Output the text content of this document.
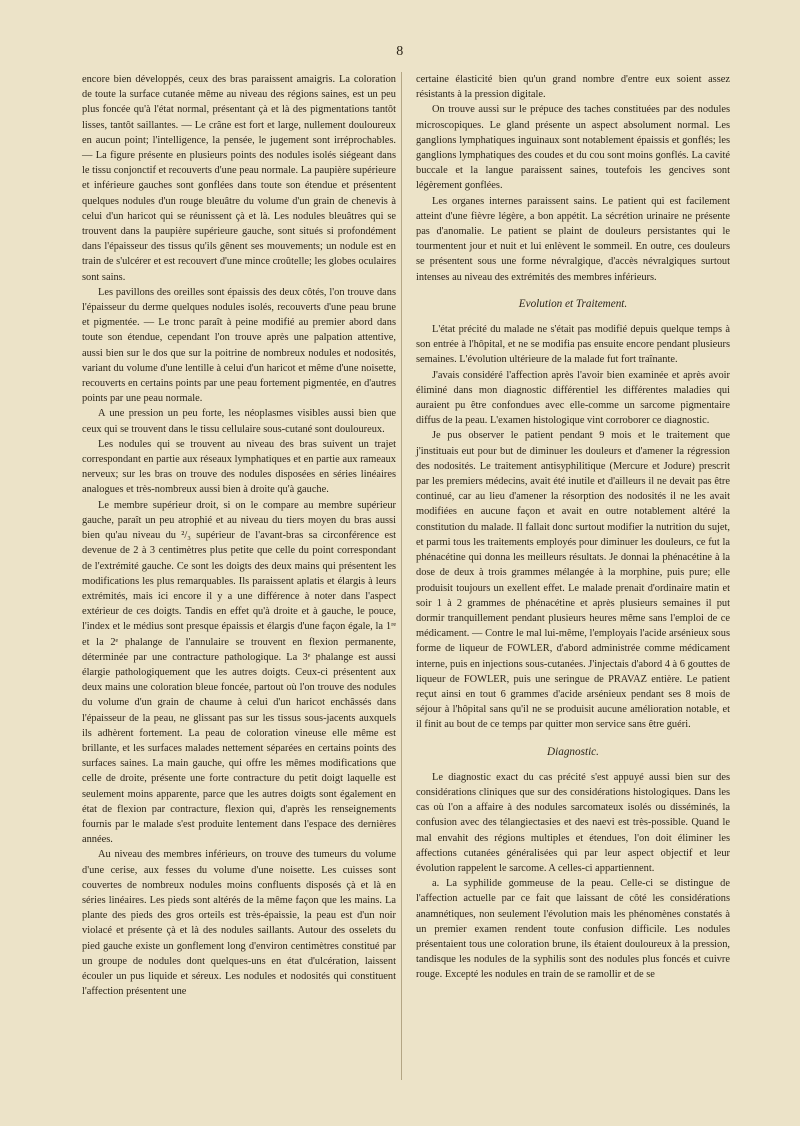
8

encore bien développés, ceux des bras paraissent amaigris. La coloration de toute la surface cutanée même au niveau des régions saines, est un peu plus foncée qu'à l'état normal, présentant çà et là des pigmentations tantôt lisses, tantôt saillantes. — Le crâne est fort et large, nullement douloureux en aucun point; l'intelligence, la pensée, le jugement sont irréprochables. — La figure présente en plusieurs points des nodules isolés siégeant dans le tissu conjonctif et recouverts d'une peau normale. La paupière supérieure et inférieure gauches sont gonflées dans toute son étendue et présentent quelques nodules d'un rouge bleuâtre du volume d'un grain de chenevis à celui d'un haricot qui se réunissent çà et là. Les nodules bleuâtres qui se trouvent dans la paupière supérieure gauche, sont situés si profondément dans l'épaisseur des tissus qu'ils gênent ses mouvements; un nodule est en train de s'ulcérer et est recouvert d'une mince croûtelle; les globes oculaires sont sains.

Les pavillons des oreilles sont épaissis des deux côtés, l'on trouve dans l'épaisseur du derme quelques nodules isolés, recouverts d'une peau brune et pigmentée. — Le tronc paraît à peine modifié au premier abord dans toute son étendue, cependant l'on trouve après une palpation attentive, aussi bien sur le dos que sur la poitrine de nombreux nodules et nodosités, variant du volume d'une lentille à celui d'un haricot et même d'une noisette, recouverts en certains points par une peau fortement pigmentée, en d'autres points par une peau normale.

A une pression un peu forte, les néoplasmes visibles aussi bien que ceux qui se trouvent dans le tissu cellulaire sous-cutané sont douloureux.

Les nodules qui se trouvent au niveau des bras suivent un trajet correspondant en partie aux réseaux lymphatiques et en partie aux rameaux nerveux; sur les bras on trouve des nodules disposées en séries linéaires analogues et très-nombreux aussi bien à droite qu'à gauche.

Le membre supérieur droit, si on le compare au membre supérieur gauche, paraît un peu atrophié et au niveau du tiers moyen du bras aussi bien qu'au niveau du ²/₃ supérieur de l'avant-bras sa circonférence est devenue de 2 à 3 centimètres plus petite que celle du point correspondant de l'extrémité gauche. Ce sont les doigts des deux mains qui présentent les modifications les plus remarquables. Ils paraissent aplatis et élargis à leurs extrémités, mais ici encore il y a une différence à noter dans l'aspect extérieur de ces doigts. Tandis en effet qu'à droite et à gauche, le pouce, l'index et le médius sont presque épaissis et élargis d'une façon égale, la 1ʳᵉ et la 2ᵉ phalange de l'annulaire se trouvent en flexion permanente, déterminée par une contracture pathologique. La 3ᵉ phalange est aussi élargie pathologiquement que les autres doigts. Ceux-ci présentent aux deux mains une coloration bleue foncée, partout où l'on trouve des nodules du volume d'un grain de chaume à celui d'un haricot enchâssés dans l'épaisseur de la peau, ne glissant pas sur les tissus sous-jacents auxquels ils adhèrent fortement. La peau de coloration vineuse elle même est brillante, et les surfaces malades nettement séparées en certains points des surfaces saines. La main gauche, qui offre les mêmes modifications que celle de droite, présente une forte contracture du petit doigt laquelle est seulement moins apparente, parce que les autres doigts sont également en état de flexion par contracture, flexion qui, d'après les renseignements fournis par le malade s'est produite lentement dans l'espace des dernières années.

Au niveau des membres inférieurs, on trouve des tumeurs du volume d'une cerise, aux fesses du volume d'une noisette. Les cuisses sont couvertes de nombreux nodules moins confluents disposés çà et là en séries linéaires. Les pieds sont altérés de la même façon que les mains. La plante des pieds des gros orteils est très-épaissie, la peau est d'un noir violacé et présente çà et là des nodules saillants. Autour des osselets du pied gauche existe un gonflement long d'environ centimètres constitué par un groupe de nodules dont quelques-uns en état d'ulcération, laissent écouler un pus liquide et séreux. Les nodules et nodosités qui constituent l'affection présentent une

certaine élasticité bien qu'un grand nombre d'entre eux soient assez résistants à la pression digitale.

On trouve aussi sur le prépuce des taches constituées par des nodules microscopiques. Le gland présente un aspect absolument normal. Les ganglions lymphatiques inguinaux sont notablement épaissis et gonflés; les ganglions lymphatiques des coudes et du cou sont moins gonflés. La cavité buccale et la langue paraissent saines, toutefois les gencives sont légèrement gonflées.

Les organes internes paraissent sains. Le patient qui est facilement atteint d'une fièvre légère, a bon appétit. La sécrétion urinaire ne présente pas d'anomalie. Le patient se plaint de douleurs persistantes qui le tourmentent jour et nuit et lui enlèvent le sommeil. En outre, ces douleurs se présentent sous une forme névralgique, d'accès névralgiques surtout intenses au niveau des extrémités des membres inférieurs.

Evolution et Traitement.

L'état précité du malade ne s'était pas modifié depuis quelque temps à son entrée à l'hôpital, et ne se modifia pas ensuite encore pendant plusieurs semaines. L'évolution ultérieure de la malade fut fort traînante.

J'avais considéré l'affection après l'avoir bien examinée et après avoir éliminé dans mon diagnostic différentiel les différentes maladies qui auraient pu être confondues avec elle-comme un sarcome pigmentaire diffus de la peau. L'examen histologique vint corroborer ce diagnostic.

Je pus observer le patient pendant 9 mois et le traitement que j'instituais eut pour but de diminuer les douleurs et d'amener la régression des nodosités. Le traitement antisyphilitique (Mercure et Jodure) prescrit par les premiers médecins, avait été inutile et d'ailleurs il ne devait pas être continué, car au lieu d'amener la résorption des nodosités il ne les avait modifiées en aucune façon et avait en outre notablement altéré la constitution du malade. Il fallait donc surtout modifier la nutrition du sujet, et parmi tous les traitements employés pour diminuer les douleurs, ce fut la phénacétine qui donna les meilleurs résultats. Je donnai la phénacétine à la dose de deux à trois grammes mélangée à la morphine, puis pure; elle produisit toujours un exellent effet. Le malade prenait d'ordinaire matin et soir 1 à 2 grammes de phénacétine et après plusieurs semaines il put dormir tranquillement pendant plusieurs heures même sans l'emploi de ce médicament. — Contre le mal lui-même, l'employais l'acide arsénieux sous forme de liqueur de FOWLER, d'abord administrée comme médicament interne, puis en injections sous-cutanées. J'injectais d'abord 4 à 6 gouttes de liqueur de FOWLER, puis une seringue de PRAVAZ entière. Le patient reçut ainsi en tout 6 grammes d'acide arsénieux pendant ses 8 mois de séjour à l'hôpital sans qu'il ne se produisit aucune amélioration notable, et il finit au bout de ce temps par quitter mon service sans être guéri.

Diagnostic.

Le diagnostic exact du cas précité s'est appuyé aussi bien sur des considérations cliniques que sur des considérations histologiques. Dans les cas où l'on a affaire à des nodules sarcomateux isolés ou disséminés, la confusion avec des télangiectasies et des naevi est très-possible. Quand le mal envahit des régions multiples et étendues, l'on doit éliminer les affections cutanées généralisées qui par leur aspect objectif et leur évolution rappelent le sarcome. A celles-ci appartiennent.

a. La syphilide gommeuse de la peau. Celle-ci se distingue de l'affection actuelle par ce fait que laissant de côté les considérations anamnétiques, non seulement l'évolution mais les phénomènes constatés à un premier examen rendent toute confusion difficile. Les nodules présentaient tous une coloration brune, ils étaient douloureux à la pression, tandisque les nodules de la syphilis sont des nodules plus foncés et cuivre rouge. Excepté les nodules en train de se ramollir et de se
